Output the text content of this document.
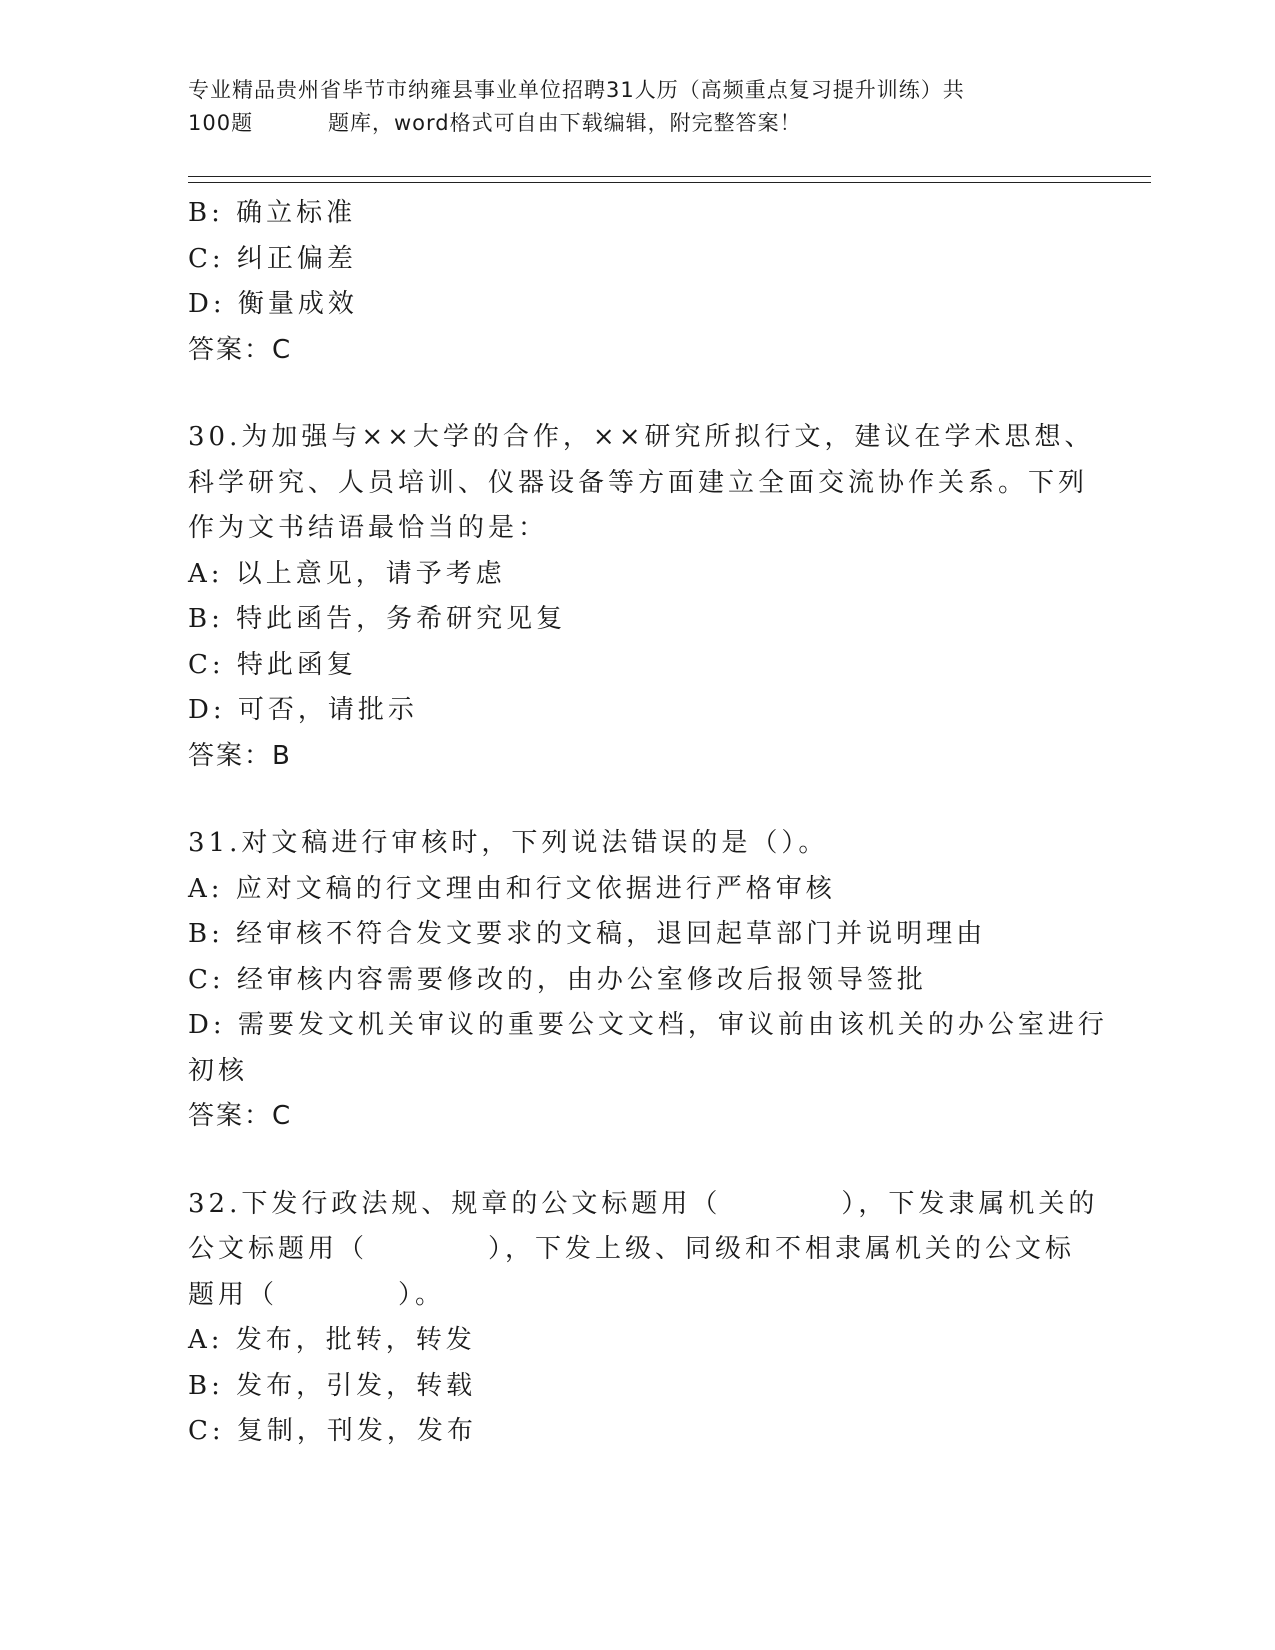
专业精品贵州省毕节市纳雍县事业单位招聘31人历（高频重点复习提升训练）共
100题	题库，word格式可自由下载编辑，附完整答案！
B: 确立标准
C: 纠正偏差
D: 衡量成效
答案：C
30.为加强与××大学的合作，××研究所拟行文，建议在学术思想、
科学研究、人员培训、仪器设备等方面建立全面交流协作关系。下列
作为文书结语最恰当的是：
A: 以上意见，请予考虑
B: 特此函告，务希研究见复
C: 特此函复
D: 可否，请批示
答案：B
31.对文稿进行审核时，下列说法错误的是（）。
A: 应对文稿的行文理由和行文依据进行严格审核
B: 经审核不符合发文要求的文稿，退回起草部门并说明理由
C: 经审核内容需要修改的，由办公室修改后报领导签批
D: 需要发文机关审议的重要公文文档，审议前由该机关的办公室进行
初核
答案：C
32.下发行政法规、规章的公文标题用（　　　　），下发隶属机关的
公文标题用（　　　　），下发上级、同级和不相隶属机关的公文标
题用（　　　　）。
A: 发布，批转，转发
B: 发布，引发，转载
C: 复制，刊发，发布
